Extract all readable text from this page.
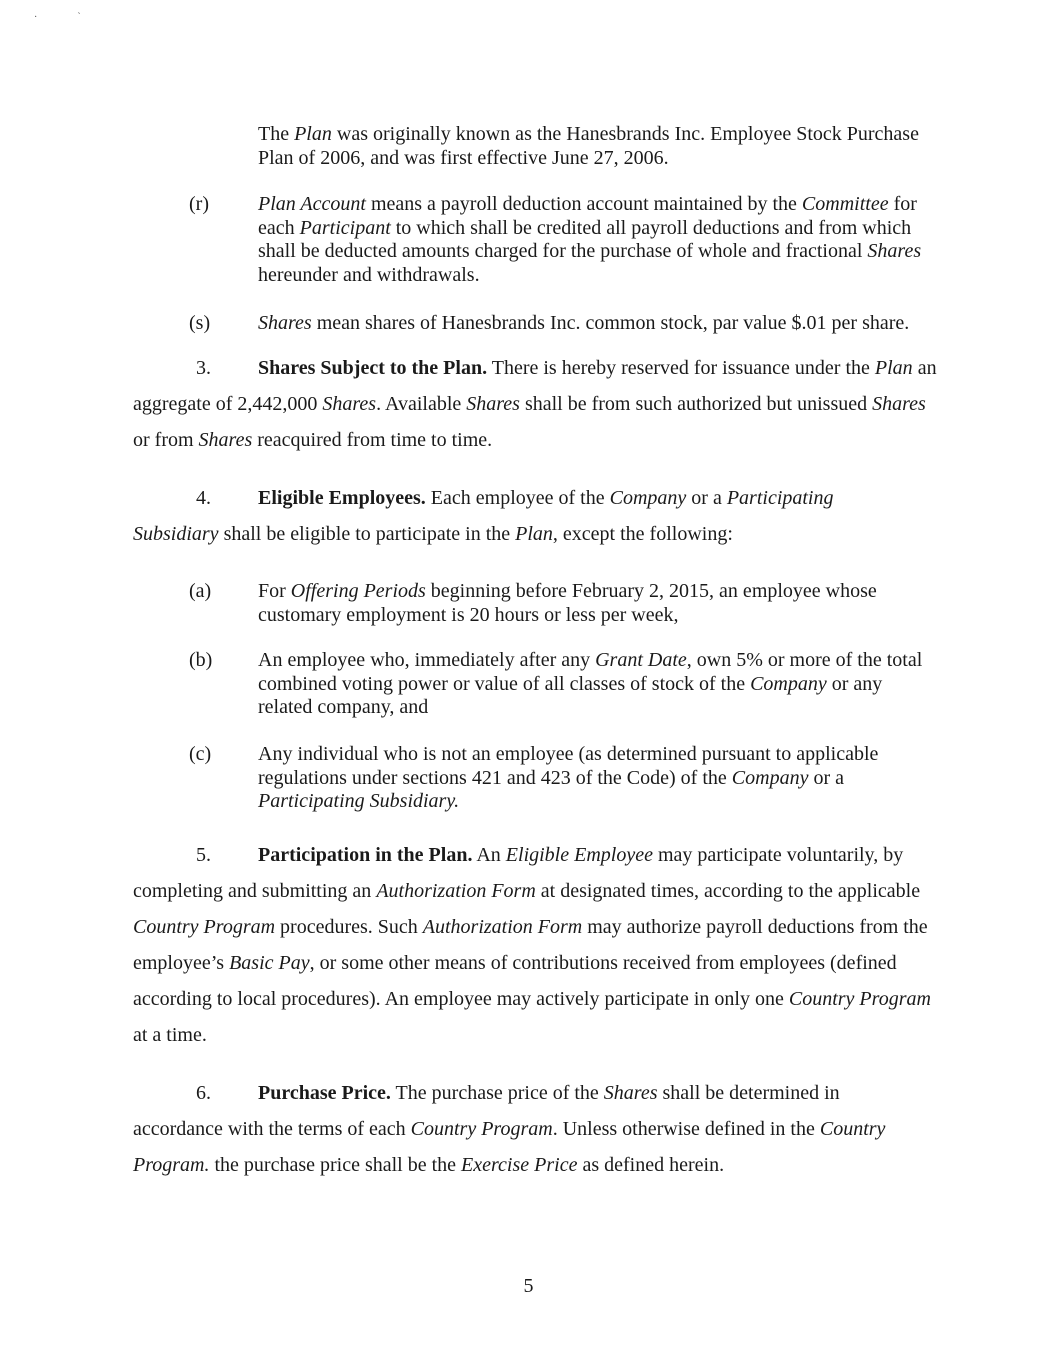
·                `

The Plan was originally known as the Hanesbrands Inc. Employee Stock Purchase Plan of 2006, and was first effective June 27, 2006.

(r) Plan Account means a payroll deduction account maintained by the Committee for each Participant to which shall be credited all payroll deductions and from which shall be deducted amounts charged for the purchase of whole and fractional Shares hereunder and withdrawals.

(s) Shares mean shares of Hanesbrands Inc. common stock, par value $.01 per share.

3.	Shares Subject to the Plan. There is hereby reserved for issuance under the Plan an aggregate of 2,442,000 Shares. Available Shares shall be from such authorized but unissued Shares or from Shares reacquired from time to time.

4.	Eligible Employees. Each employee of the Company or a Participating Subsidiary shall be eligible to participate in the Plan, except the following:

(a) For Offering Periods beginning before February 2, 2015, an employee whose customary employment is 20 hours or less per week,

(b) An employee who, immediately after any Grant Date, own 5% or more of the total combined voting power or value of all classes of stock of the Company or any related company, and

(c) Any individual who is not an employee (as determined pursuant to applicable regulations under sections 421 and 423 of the Code) of the Company or a Participating Subsidiary.

5.	Participation in the Plan. An Eligible Employee may participate voluntarily, by completing and submitting an Authorization Form at designated times, according to the applicable Country Program procedures. Such Authorization Form may authorize payroll deductions from the employee’s Basic Pay, or some other means of contributions received from employees (defined according to local procedures). An employee may actively participate in only one Country Program at a time.

6.	Purchase Price. The purchase price of the Shares shall be determined in accordance with the terms of each Country Program. Unless otherwise defined in the Country Program. the purchase price shall be the Exercise Price as defined herein.

5
